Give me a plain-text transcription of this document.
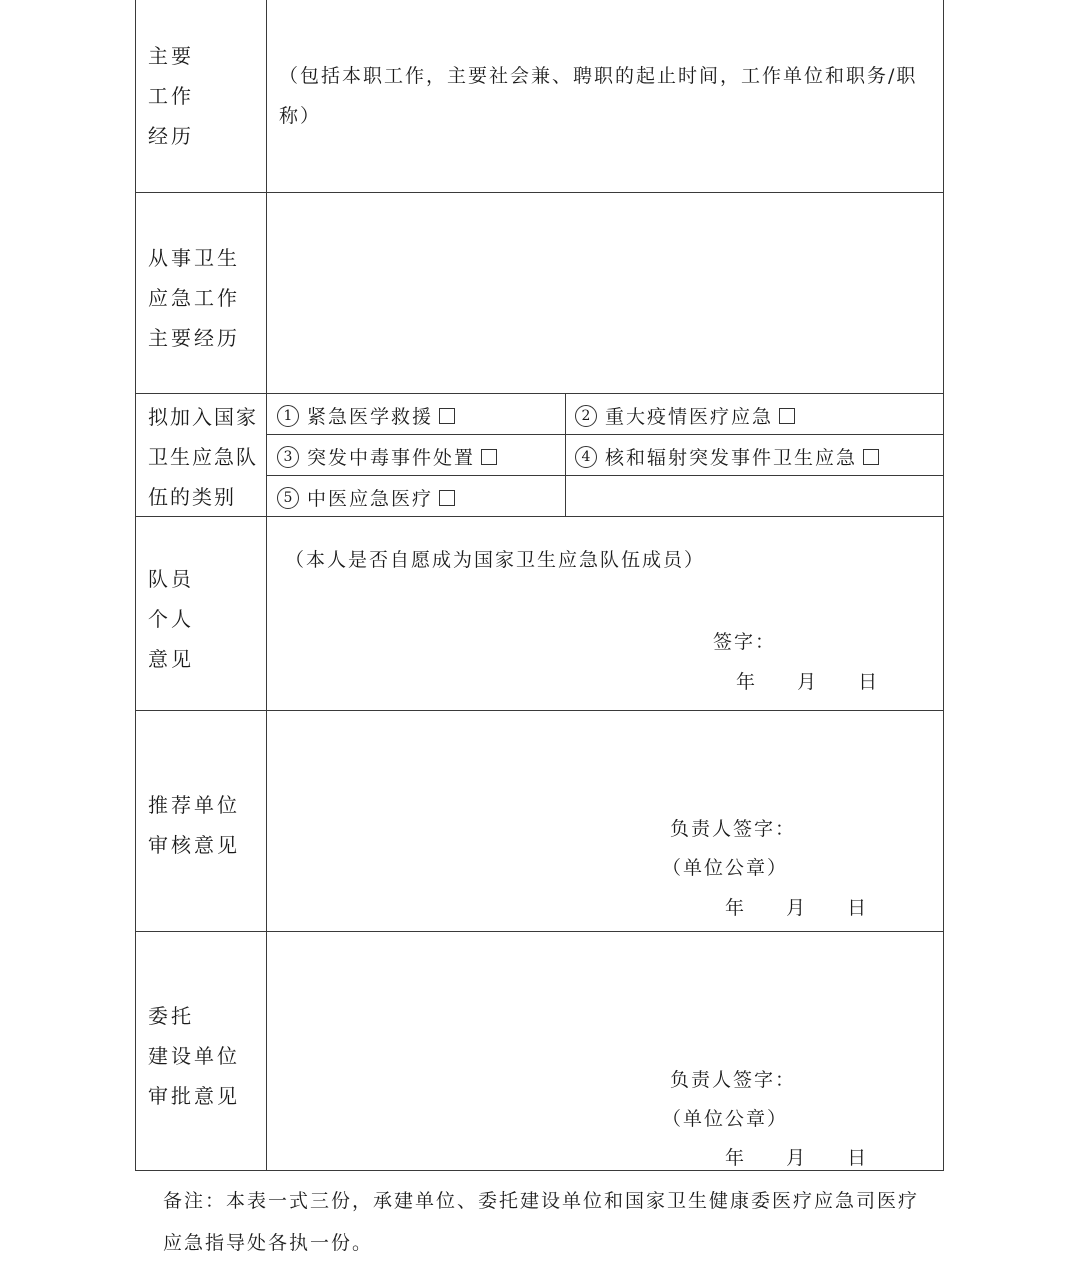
主要
工作
经历
（包括本职工作，主要社会兼、聘职的起止时间，工作单位和职务/职称）
从事卫生
应急工作
主要经历
拟加入国家
卫生应急队
伍的类别
1 紧急医学救援	2 重大疫情医疗应急
3 突发中毒事件处置	4 核和辐射突发事件卫生应急
5 中医应急医疗
队员
个人
意见
（本人是否自愿成为国家卫生应急队伍成员）
签字：
年 月 日
推荐单位
审核意见
负责人签字：
（单位公章）
年 月 日
委托
建设单位
审批意见
负责人签字：
（单位公章）
年 月 日
备注：本表一式三份，承建单位、委托建设单位和国家卫生健康委医疗应急司医疗应急指导处各执一份。
